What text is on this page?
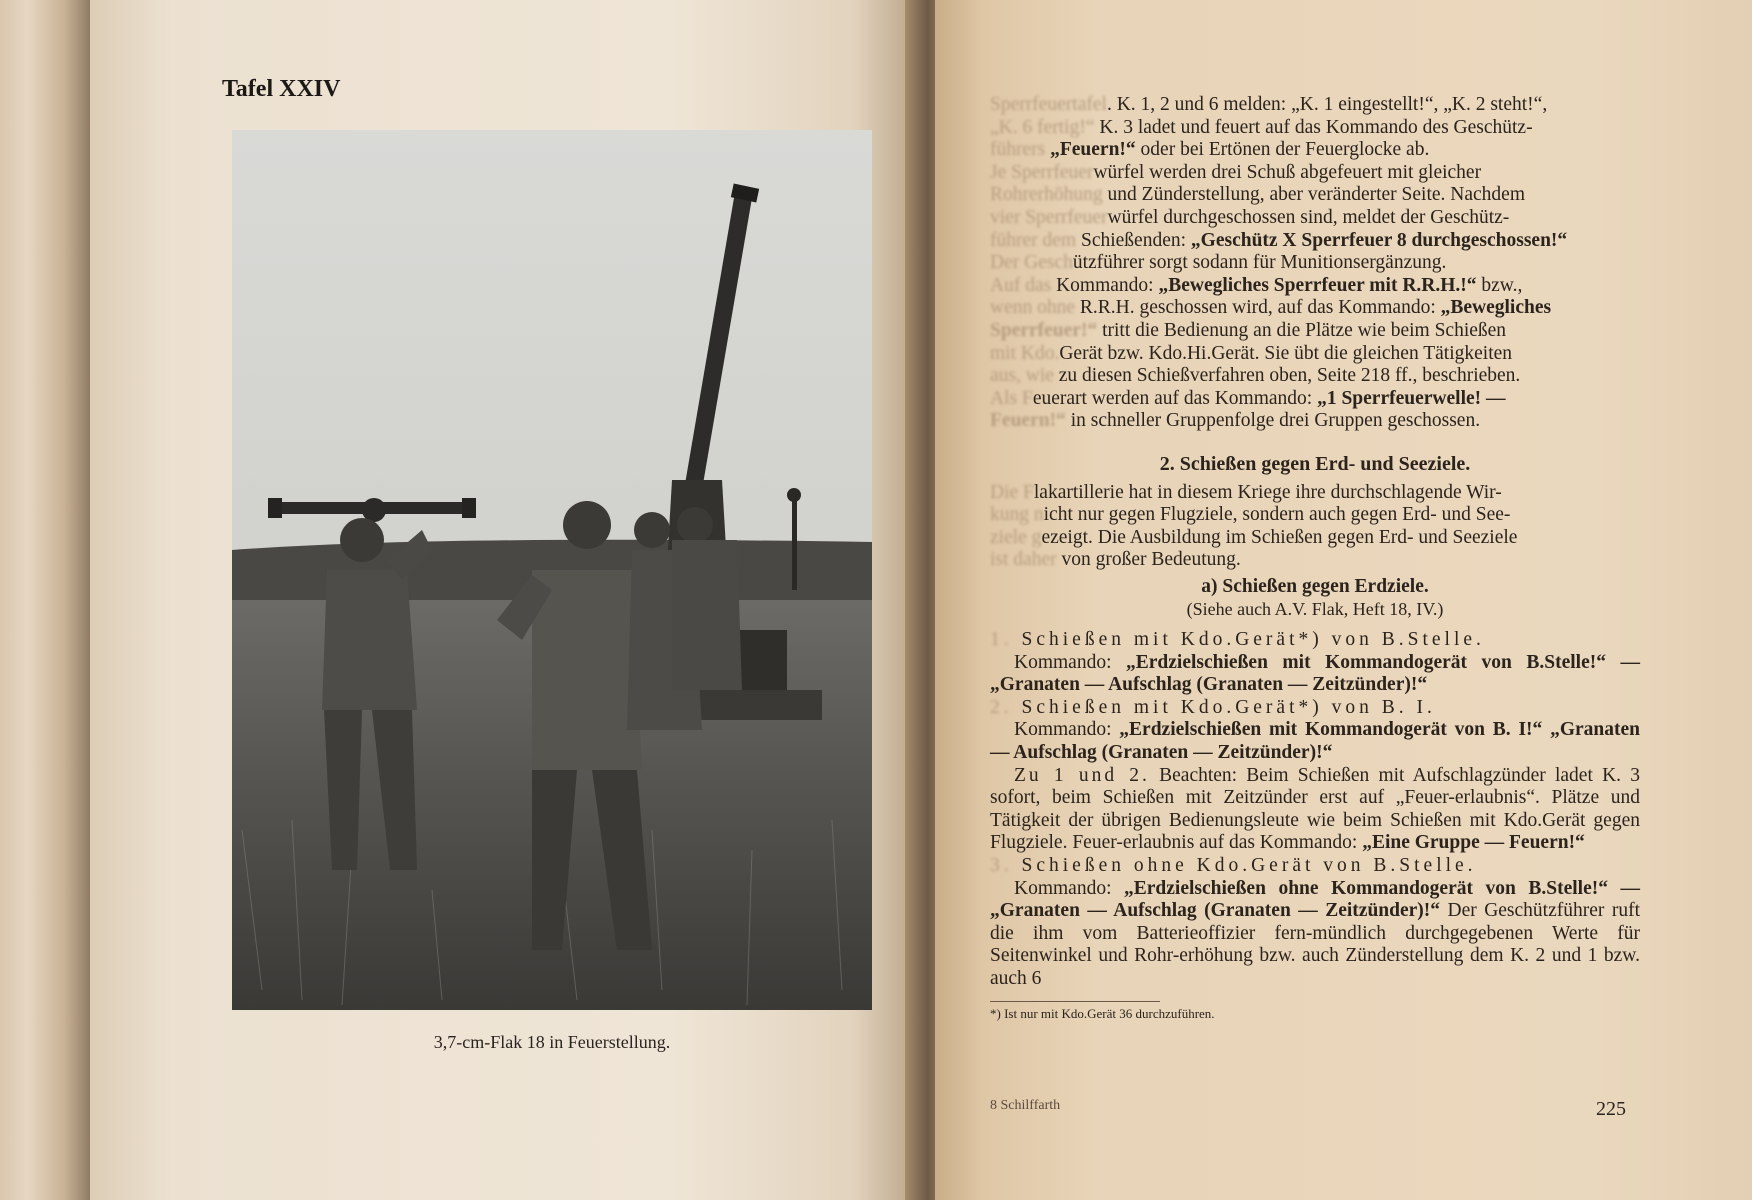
Tafel XXIV
3,7-cm-Flak 18 in Feuerstellung.

Sperrfeuertafel. K. 1, 2 und 6 melden: „K. 1 eingestellt!“, „K. 2 steht!“,

„K. 6 fertig!“ K. 3 ladet und feuert auf das Kommando des Geschütz-

führers „Feuern!“ oder bei Ertönen der Feuerglocke ab.

Je Sperrfeuerwürfel werden drei Schuß abgefeuert mit gleicher

Rohrerhöhung und Zünderstellung, aber veränderter Seite. Nachdem

vier Sperrfeuerwürfel durchgeschossen sind, meldet der Geschütz-

führer dem Schießenden: „Geschütz X Sperrfeuer 8 durchgeschossen!“

Der Geschützführer sorgt sodann für Munitionsergänzung.

Auf das Kommando: „Bewegliches Sperrfeuer mit R.R.H.!“ bzw.,

wenn ohne R.R.H. geschossen wird, auf das Kommando: „Bewegliches

Sperrfeuer!“ tritt die Bedienung an die Plätze wie beim Schießen

mit Kdo.Gerät bzw. Kdo.Hi.Gerät. Sie übt die gleichen Tätigkeiten

aus, wie zu diesen Schießverfahren oben, Seite 218 ff., beschrieben.

Als Feuerart werden auf das Kommando: „1 Sperrfeuerwelle! —

Feuern!“ in schneller Gruppenfolge drei Gruppen geschossen.

2. Schießen gegen Erd- und Seeziele.

Die Flakartillerie hat in diesem Kriege ihre durchschlagende Wir-

kung nicht nur gegen Flugziele, sondern auch gegen Erd- und See-

ziele gezeigt. Die Ausbildung im Schießen gegen Erd- und Seeziele

ist daher von großer Bedeutung.

a) Schießen gegen Erdziele.
(Siehe auch A.V. Flak, Heft 18, IV.)

1. Schießen mit Kdo.Gerät*) von B.Stelle.

Kommando: „Erdzielschießen mit Kommandogerät von B.Stelle!“ — „Granaten — Aufschlag (Granaten — Zeitzünder)!“

2. Schießen mit Kdo.Gerät*) von B. I.

Kommando: „Erdzielschießen mit Kommandogerät von B. I!“ „Granaten — Aufschlag (Granaten — Zeitzünder)!“

Zu 1 und 2. Beachten: Beim Schießen mit Aufschlagzünder ladet K. 3 sofort, beim Schießen mit Zeitzünder erst auf „Feuer-erlaubnis“. Plätze und Tätigkeit der übrigen Bedienungsleute wie beim Schießen mit Kdo.Gerät gegen Flugziele. Feuer-erlaubnis auf das Kommando: „Eine Gruppe — Feuern!“

3. Schießen ohne Kdo.Gerät von B.Stelle.

Kommando: „Erdzielschießen ohne Kommandogerät von B.Stelle!“ — „Granaten — Aufschlag (Granaten — Zeitzünder)!“ Der Geschützführer ruft die ihm vom Batterieoffizier fern-mündlich durchgegebenen Werte für Seitenwinkel und Rohr-erhöhung bzw. auch Zünderstellung dem K. 2 und 1 bzw. auch 6

*) Ist nur mit Kdo.Gerät 36 durchzuführen.
8 Schilffarth	225
